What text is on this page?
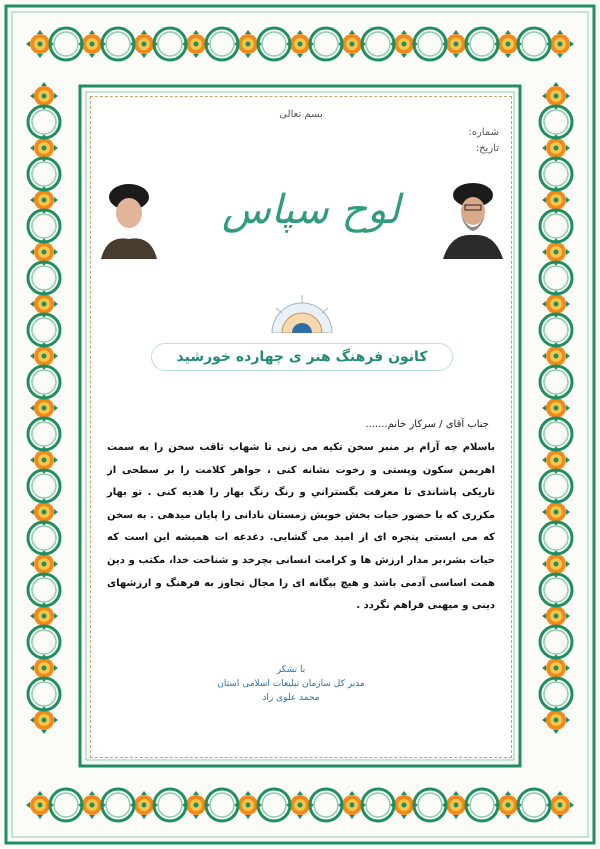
بسم تعالی
شماره:
تاریخ:
لوح سپاس
کانون فرهنگ هنر ی چهارده خورشید
جناب آقای / سرکار خانم.......
باسلام چه آرام بر منبر سخن تکیه می زنی تا شهاب ثاقب سخن را به سمت اهریمن سکون وپستی و رخوت نشانه کنی ، جواهر کلامت را بر سطحی از تاریکی پاشاندی تا معرفت بگستراني و رنگ رنگ بهار را هدیه کنی . تو بهار مکرری که با حضور حیات بخش خویش زمستان نادانی را پایان میدهی . به سخن که می ایستی پنجره ای از امید می گشایی. دغدغه ات همیشه این است که حیات بشر،بر مدار ارزش ها و کرامت انسانی بچرخد و شناخت خدا، مکتب و دین همت اساسی آدمی باشد و هیچ بیگانه ای را مجال تجاوز به فرهنگ و ارزشهای دینی و میهنی فراهم نگردد .
با تشکر
مدیر کل سازمان تبلیغات اسلامی استان
محمد علوی راد
